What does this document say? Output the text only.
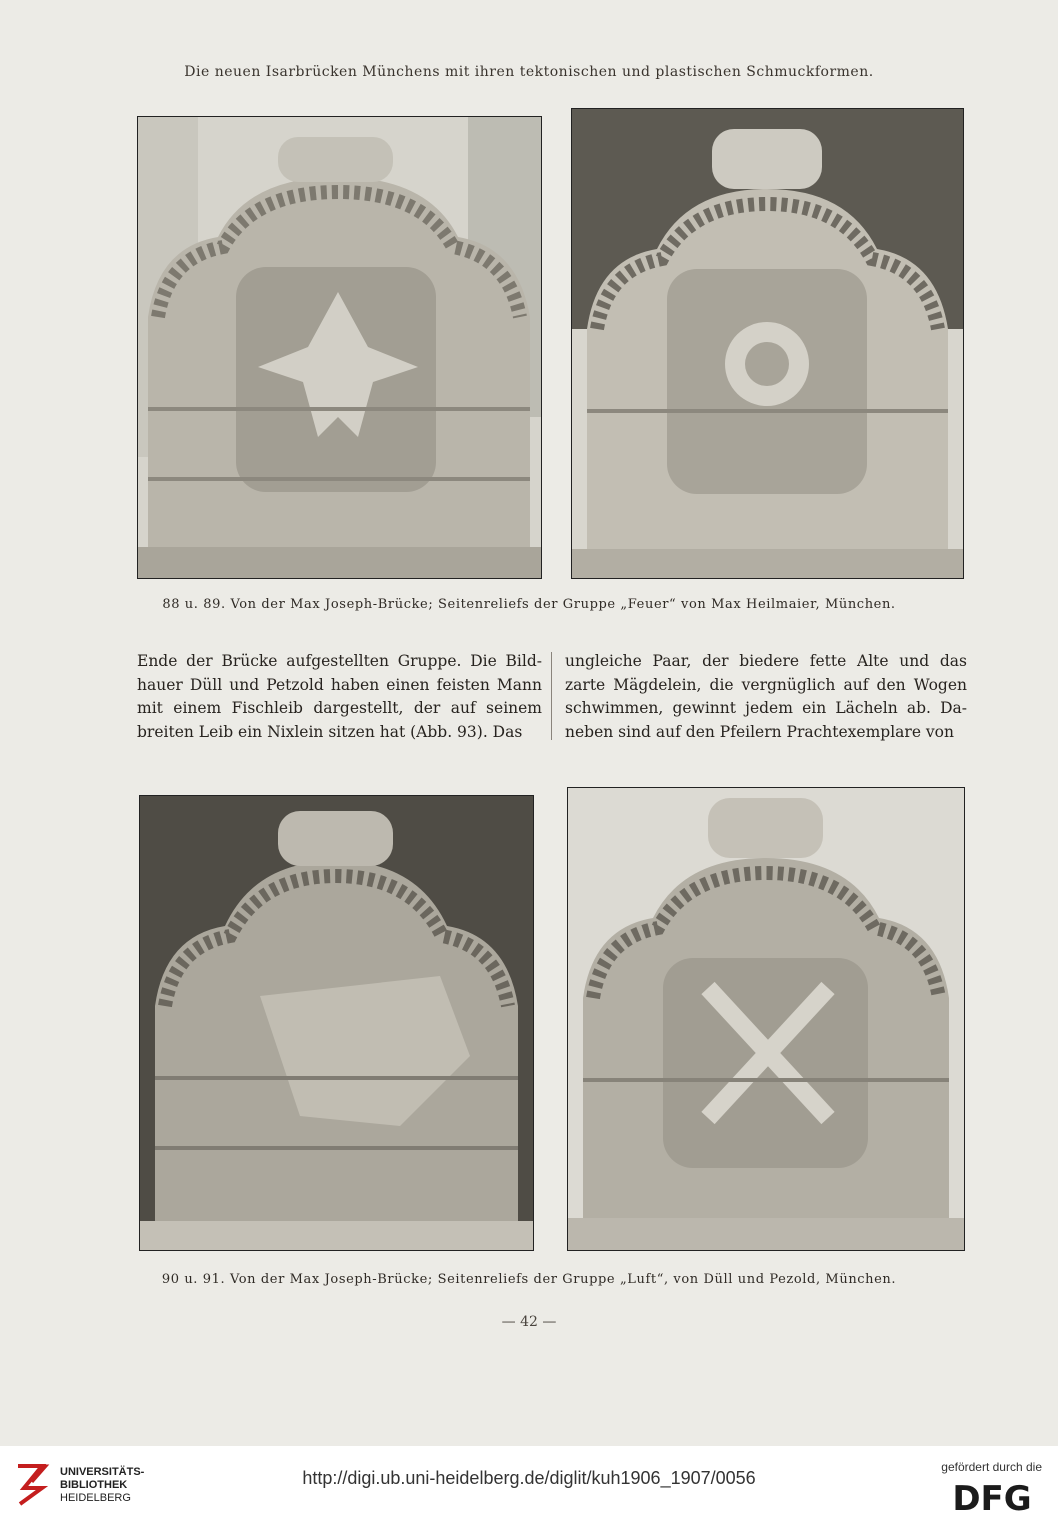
Die neuen Isarbrücken Münchens mit ihren tektonischen und plastischen Schmuckformen.
88 u. 89. Von der Max Joseph-Brücke; Seitenreliefs der Gruppe „Feuer“ von Max Heilmaier, München.

Ende der Brücke aufgestellten Gruppe. Die Bild- hauer Düll und Petzold haben einen feisten Mann mit einem Fischleib dargestellt, der auf seinem breiten Leib ein Nixlein sitzen hat (Abb. 93). Das

ungleiche Paar, der biedere fette Alte und das zarte Mägdelein, die vergnüglich auf den Wogen schwimmen, gewinnt jedem ein Lächeln ab. Da- neben sind auf den Pfeilern Prachtexemplare von

90 u. 91. Von der Max Joseph-Brücke; Seitenreliefs der Gruppe „Luft“, von Düll und Pezold, München.
— 42 —
UNIVERSITÄTS-
BIBLIOTHEK
HEIDELBERG
http://digi.ub.uni-heidelberg.de/diglit/kuh1906_1907/0056
gefördert durch die
DFG
